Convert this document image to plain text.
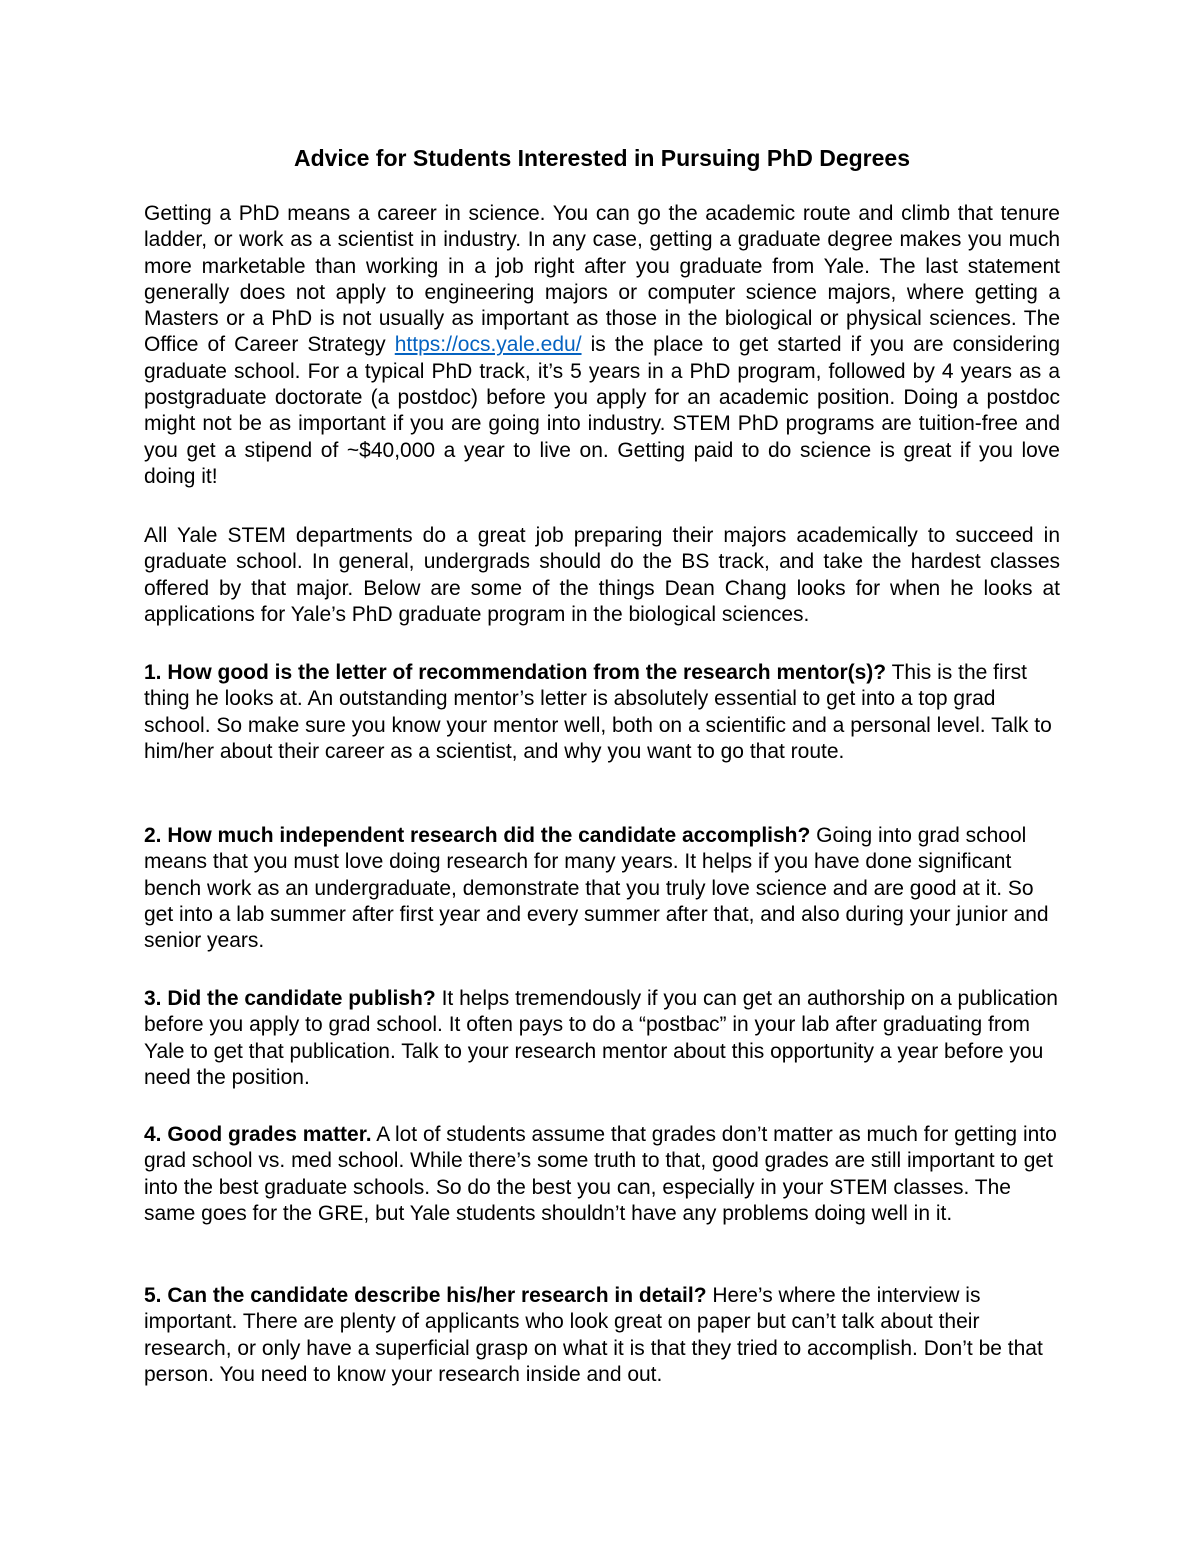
Advice for Students Interested in Pursuing PhD Degrees

Getting a PhD means a career in science. You can go the academic route and climb that tenure ladder, or work as a scientist in industry. In any case, getting a graduate degree makes you much more marketable than working in a job right after you graduate from Yale. The last statement generally does not apply to engineering majors or computer science majors, where getting a Masters or a PhD is not usually as important as those in the biological or physical sciences. The Office of Career Strategy https://ocs.yale.edu/ is the place to get started if you are considering graduate school. For a typical PhD track, it’s 5 years in a PhD program, followed by 4 years as a postgraduate doctorate (a postdoc) before you apply for an academic position. Doing a postdoc might not be as important if you are going into industry. STEM PhD programs are tuition-free and you get a stipend of ~$40,000 a year to live on. Getting paid to do science is great if you love doing it!

All Yale STEM departments do a great job preparing their majors academically to succeed in graduate school. In general, undergrads should do the BS track, and take the hardest classes offered by that major. Below are some of the things Dean Chang looks for when he looks at applications for Yale’s PhD graduate program in the biological sciences.

1. How good is the letter of recommendation from the research mentor(s)? This is the first thing he looks at. An outstanding mentor’s letter is absolutely essential to get into a top grad school. So make sure you know your mentor well, both on a scientific and a personal level. Talk to him/her about their career as a scientist, and why you want to go that route.

2. How much independent research did the candidate accomplish? Going into grad school means that you must love doing research for many years. It helps if you have done significant bench work as an undergraduate, demonstrate that you truly love science and are good at it. So get into a lab summer after first year and every summer after that, and also during your junior and senior years.

3. Did the candidate publish? It helps tremendously if you can get an authorship on a publication before you apply to grad school. It often pays to do a “postbac” in your lab after graduating from Yale to get that publication. Talk to your research mentor about this opportunity a year before you need the position.

4. Good grades matter. A lot of students assume that grades don’t matter as much for getting into grad school vs. med school. While there’s some truth to that, good grades are still important to get into the best graduate schools. So do the best you can, especially in your STEM classes. The same goes for the GRE, but Yale students shouldn’t have any problems doing well in it.

5. Can the candidate describe his/her research in detail? Here’s where the interview is important. There are plenty of applicants who look great on paper but can’t talk about their research, or only have a superficial grasp on what it is that they tried to accomplish. Don’t be that person. You need to know your research inside and out.
